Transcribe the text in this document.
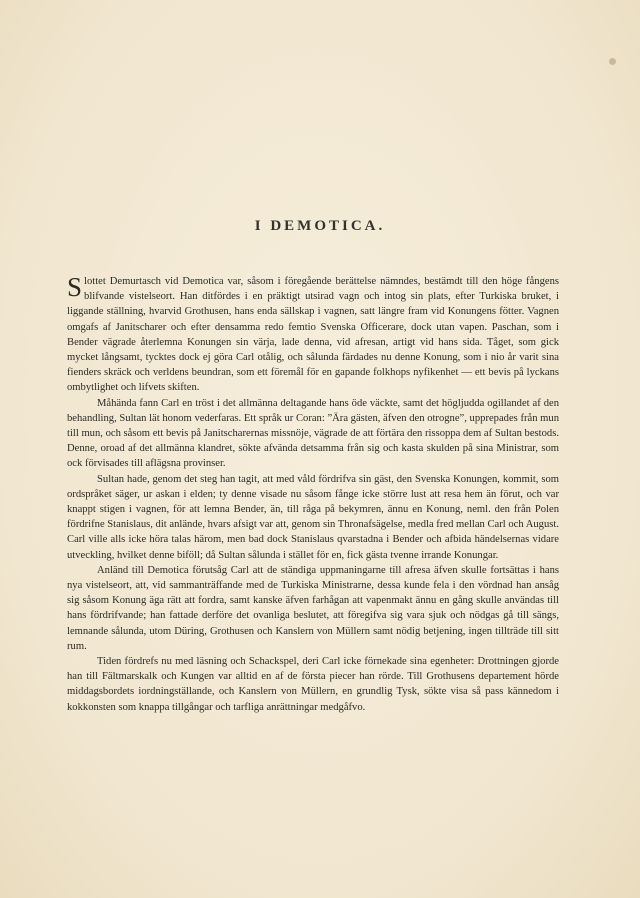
I DEMOTICA.

Slottet Demurtasch vid Demotica var, såsom i föregående berättelse nämndes, bestämdt till den höge fångens blifvande vistelseort. Han ditfördes i en präktigt utsirad vagn och intog sin plats, efter Turkiska bruket, i liggande ställning, hvarvid Grothusen, hans enda sällskap i vagnen, satt längre fram vid Konungens fötter. Vagnen omgafs af Janitscharer och efter densamma redo femtio Svenska Officerare, dock utan vapen. Paschan, som i Bender vägrade återlemna Konungen sin värja, lade denna, vid afresan, artigt vid hans sida. Tåget, som gick mycket långsamt, tycktes dock ej göra Carl otålig, och sålunda färdades nu denne Konung, som i nio år varit sina fienders skräck och verldens beundran, som ett föremål för en gapande folkhops nyfikenhet — ett bevis på lyckans ombytlighet och lifvets skiften.

Måhända fann Carl en tröst i det allmänna deltagande hans öde väckte, samt det högljudda ogillandet af den behandling, Sultan lät honom vederfaras. Ett språk ur Coran: ”Ära gästen, äfven den otrogne”, upprepades från mun till mun, och såsom ett bevis på Janitscharernas missnöje, vägrade de att förtära den rissoppa dem af Sultan bestods. Denne, oroad af det allmänna klandret, sökte afvända detsamma från sig och kasta skulden på sina Ministrar, som ock förvisades till aflägsna provinser.

Sultan hade, genom det steg han tagit, att med våld fördrifva sin gäst, den Svenska Konungen, kommit, som ordspråket säger, ur askan i elden; ty denne visade nu såsom fånge icke större lust att resa hem än förut, och var knappt stigen i vagnen, för att lemna Bender, än, till råga på bekymren, ännu en Konung, neml. den från Polen fördrifne Stanislaus, dit anlände, hvars afsigt var att, genom sin Thronafsägelse, medla fred mellan Carl och August. Carl ville alls icke höra talas härom, men bad dock Stanislaus qvarstadna i Bender och afbida händelsernas vidare utveckling, hvilket denne biföll; då Sultan sålunda i stället för en, fick gästa tvenne irrande Konungar.

Anländ till Demotica förutsåg Carl att de ständiga uppmaningarne till afresa äfven skulle fortsättas i hans nya vistelseort, att, vid sammanträffande med de Turkiska Ministrarne, dessa kunde fela i den vördnad han ansåg sig såsom Konung äga rätt att fordra, samt kanske äfven farhågan att vapenmakt ännu en gång skulle användas till hans fördrifvande; han fattade derföre det ovanliga beslutet, att föregifva sig vara sjuk och nödgas gå till sängs, lemnande sålunda, utom Düring, Grothusen och Kanslern von Müllern samt nödig betjening, ingen tillträde till sitt rum.

Tiden fördrefs nu med läsning och Schackspel, deri Carl icke förnekade sina egenheter: Drottningen gjorde han till Fältmarskalk och Kungen var alltid en af de första piecer han rörde. Till Grothusens departement hörde middagsbordets iordningställande, och Kanslern von Müllern, en grundlig Tysk, sökte visa så pass kännedom i kokkonsten som knappa tillgångar och tarfliga anrättningar medgåfvo.
